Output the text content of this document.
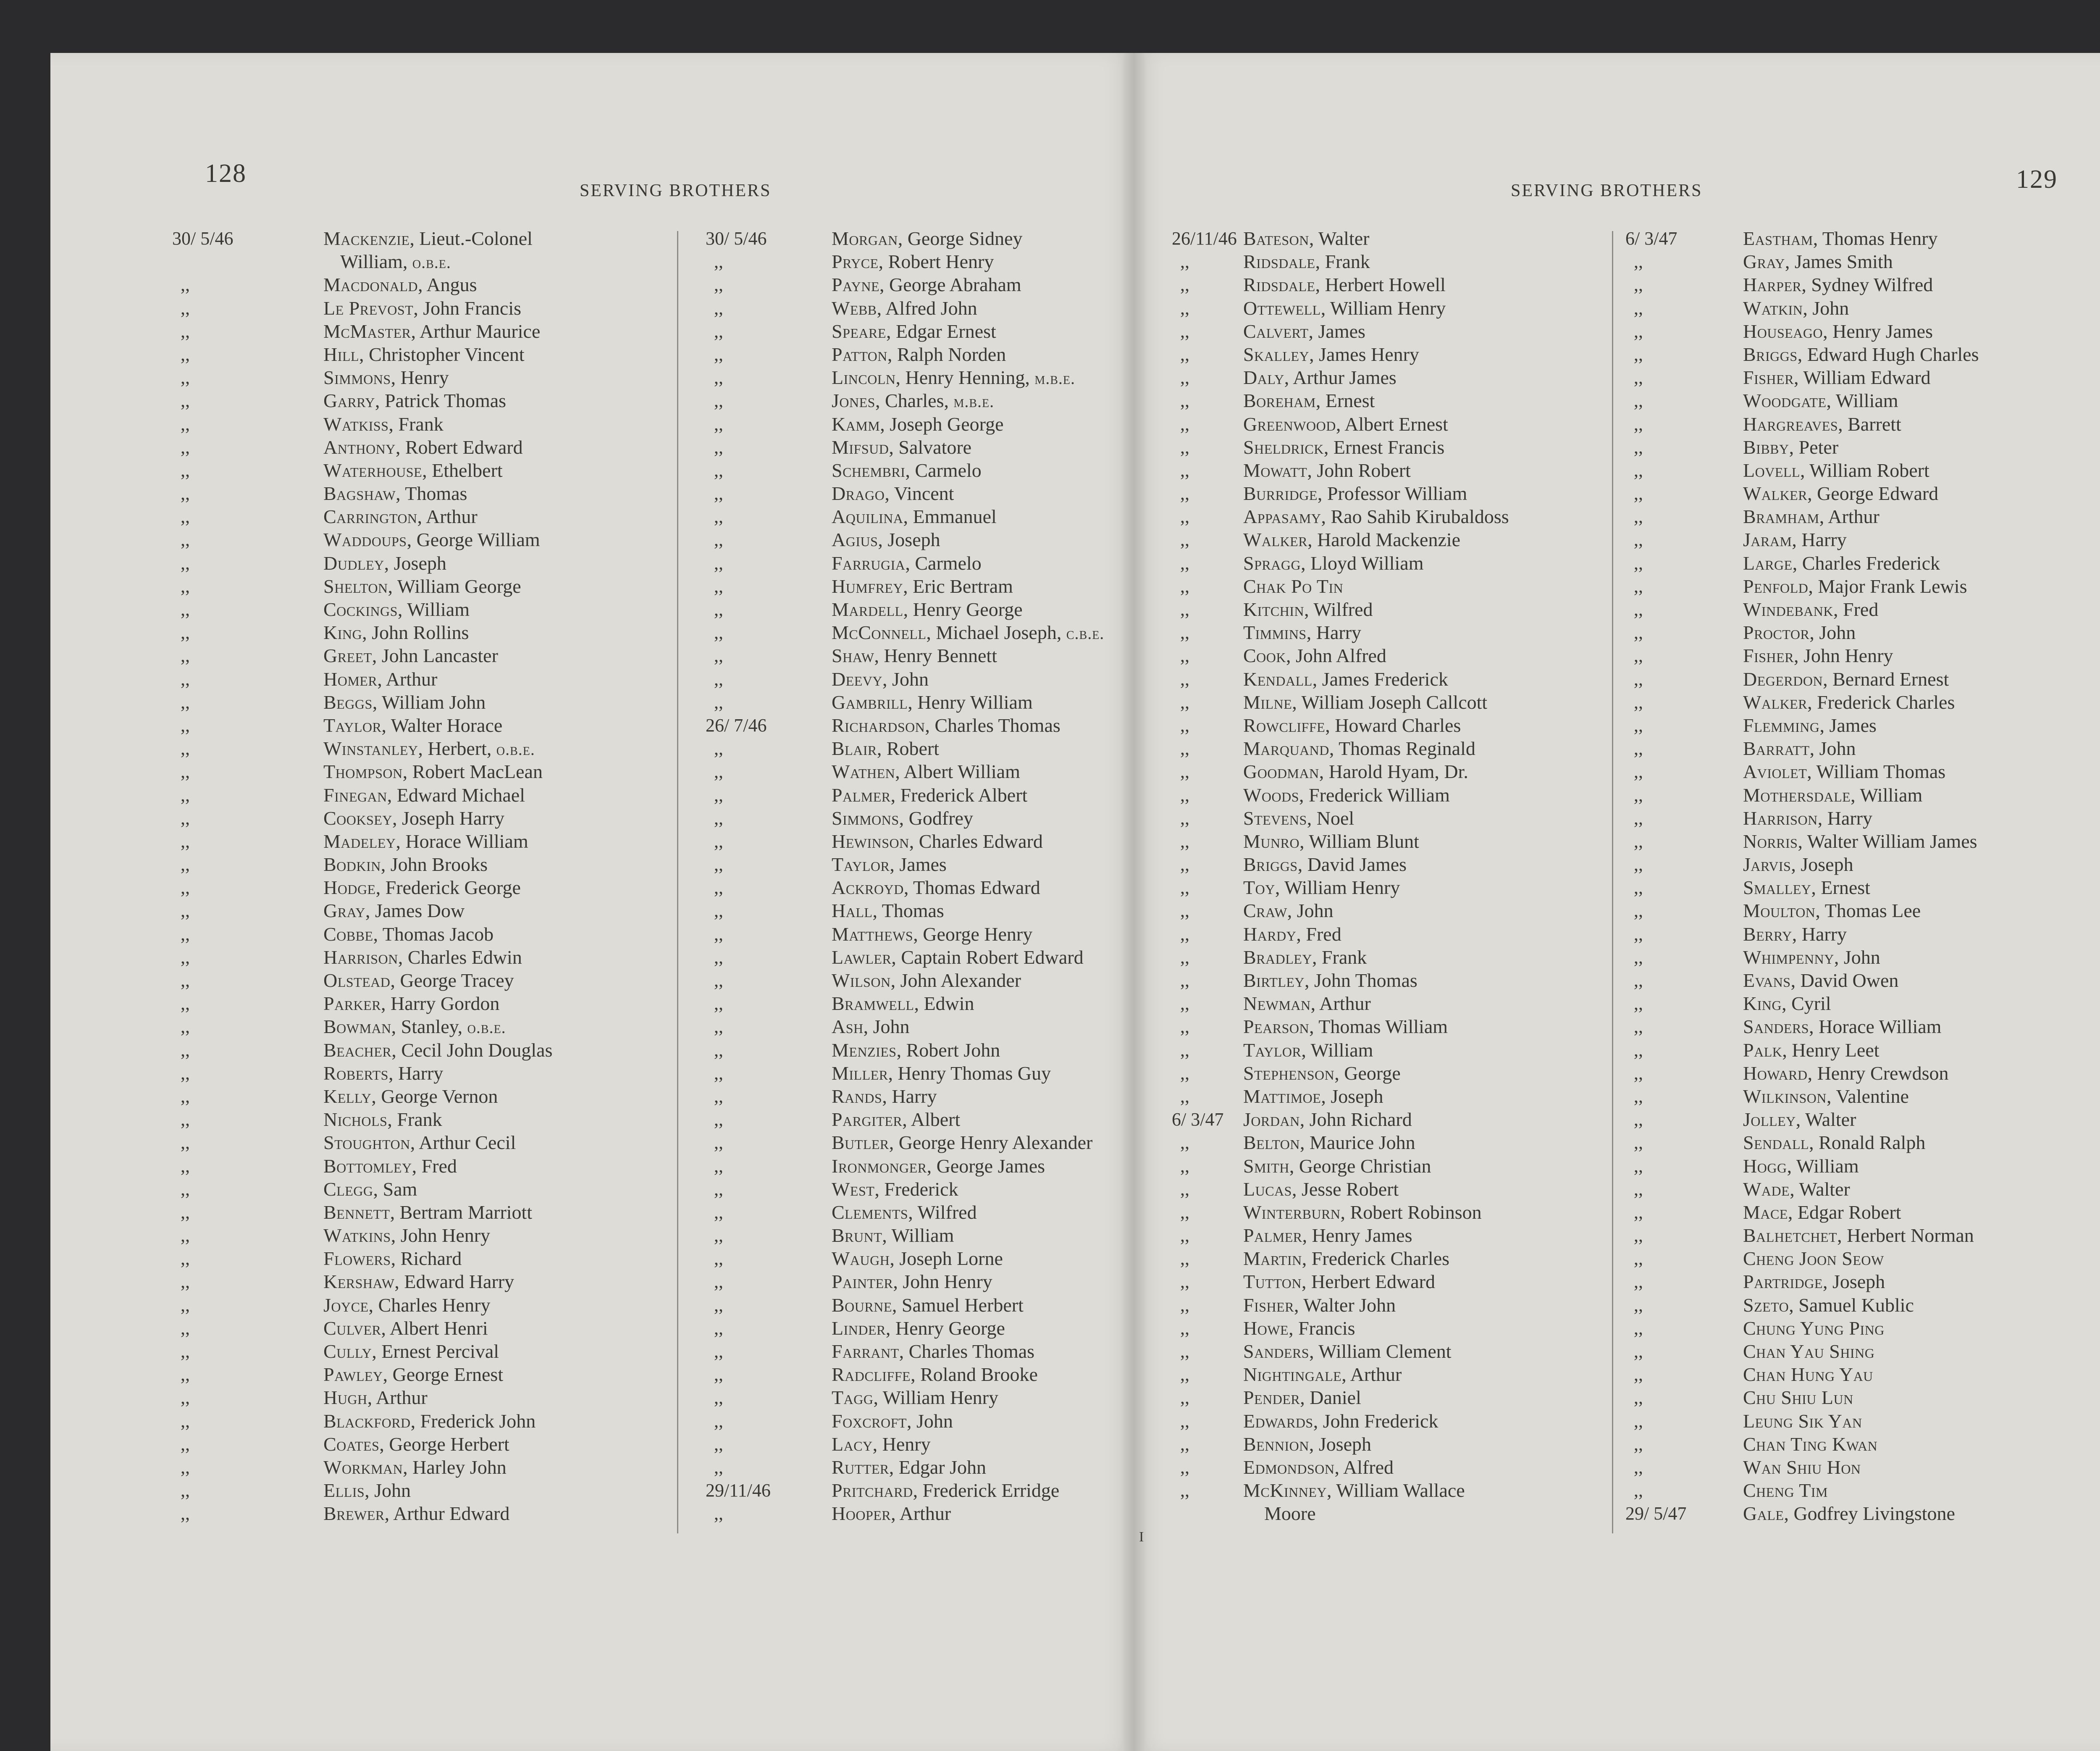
128
SERVING BROTHERS	129
SERVING BROTHERS
30/ 5/46	Mackenzie, Lieut.-Colonel
William, o.b.e.
,,	Macdonald, Angus
,,	Le Prevost, John Francis
,,	McMaster, Arthur Maurice
,,	Hill, Christopher Vincent
,,	Simmons, Henry
,,	Garry, Patrick Thomas
,,	Watkiss, Frank
,,	Anthony, Robert Edward
,,	Waterhouse, Ethelbert
,,	Bagshaw, Thomas
,,	Carrington, Arthur
,,	Waddoups, George William
,,	Dudley, Joseph
,,	Shelton, William George
,,	Cockings, William
,,	King, John Rollins
,,	Greet, John Lancaster
,,	Homer, Arthur
,,	Beggs, William John
,,	Taylor, Walter Horace
,,	Winstanley, Herbert, o.b.e.
,,	Thompson, Robert MacLean
,,	Finegan, Edward Michael
,,	Cooksey, Joseph Harry
,,	Madeley, Horace William
,,	Bodkin, John Brooks
,,	Hodge, Frederick George
,,	Gray, James Dow
,,	Cobbe, Thomas Jacob
,,	Harrison, Charles Edwin
,,	Olstead, George Tracey
,,	Parker, Harry Gordon
,,	Bowman, Stanley, o.b.e.
,,	Beacher, Cecil John Douglas
,,	Roberts, Harry
,,	Kelly, George Vernon
,,	Nichols, Frank
,,	Stoughton, Arthur Cecil
,,	Bottomley, Fred
,,	Clegg, Sam
,,	Bennett, Bertram Marriott
,,	Watkins, John Henry
,,	Flowers, Richard
,,	Kershaw, Edward Harry
,,	Joyce, Charles Henry
,,	Culver, Albert Henri
,,	Cully, Ernest Percival
,,	Pawley, George Ernest
,,	Hugh, Arthur
,,	Blackford, Frederick John
,,	Coates, George Herbert
,,	Workman, Harley John
,,	Ellis, John
,,	Brewer, Arthur Edward
30/ 5/46	Morgan, George Sidney
,,	Pryce, Robert Henry
,,	Payne, George Abraham
,,	Webb, Alfred John
,,	Speare, Edgar Ernest
,,	Patton, Ralph Norden
,,	Lincoln, Henry Henning, m.b.e.
,,	Jones, Charles, m.b.e.
,,	Kamm, Joseph George
,,	Mifsud, Salvatore
,,	Schembri, Carmelo
,,	Drago, Vincent
,,	Aquilina, Emmanuel
,,	Agius, Joseph
,,	Farrugia, Carmelo
,,	Humfrey, Eric Bertram
,,	Mardell, Henry George
,,	McConnell, Michael Joseph, c.b.e.
,,	Shaw, Henry Bennett
,,	Deevy, John
,,	Gambrill, Henry William
26/ 7/46	Richardson, Charles Thomas
,,	Blair, Robert
,,	Wathen, Albert William
,,	Palmer, Frederick Albert
,,	Simmons, Godfrey
,,	Hewinson, Charles Edward
,,	Taylor, James
,,	Ackroyd, Thomas Edward
,,	Hall, Thomas
,,	Matthews, George Henry
,,	Lawler, Captain Robert Edward
,,	Wilson, John Alexander
,,	Bramwell, Edwin
,,	Ash, John
,,	Menzies, Robert John
,,	Miller, Henry Thomas Guy
,,	Rands, Harry
,,	Pargiter, Albert
,,	Butler, George Henry Alexander
,,	Ironmonger, George James
,,	West, Frederick
,,	Clements, Wilfred
,,	Brunt, William
,,	Waugh, Joseph Lorne
,,	Painter, John Henry
,,	Bourne, Samuel Herbert
,,	Linder, Henry George
,,	Farrant, Charles Thomas
,,	Radcliffe, Roland Brooke
,,	Tagg, William Henry
,,	Foxcroft, John
,,	Lacy, Henry
,,	Rutter, Edgar John
29/11/46	Pritchard, Frederick Erridge
,,	Hooper, Arthur
26/11/46 Bateson, Walter
,,	Ridsdale, Frank
,,	Ridsdale, Herbert Howell
,,	Ottewell, William Henry
,,	Calvert, James
,,	Skalley, James Henry
,,	Daly, Arthur James
,,	Boreham, Ernest
,,	Greenwood, Albert Ernest
,,	Sheldrick, Ernest Francis
,,	Mowatt, John Robert
,,	Burridge, Professor William
,,	Appasamy, Rao Sahib Kirubaldoss
,,	Walker, Harold Mackenzie
,,	Spragg, Lloyd William
,,	Chak Po Tin
,,	Kitchin, Wilfred
,,	Timmins, Harry
,,	Cook, John Alfred
,,	Kendall, James Frederick
,,	Milne, William Joseph Callcott
,,	Rowcliffe, Howard Charles
,,	Marquand, Thomas Reginald
,,	Goodman, Harold Hyam, Dr.
,,	Woods, Frederick William
,,	Stevens, Noel
,,	Munro, William Blunt
,,	Briggs, David James
,,	Toy, William Henry
,,	Craw, John
,,	Hardy, Fred
,,	Bradley, Frank
,,	Birtley, John Thomas
,,	Newman, Arthur
,,	Pearson, Thomas William
,,	Taylor, William
,,	Stephenson, George
,,	Mattimoe, Joseph
6/ 3/47 Jordan, John Richard
,,	Belton, Maurice John
,,	Smith, George Christian
,,	Lucas, Jesse Robert
,,	Winterburn, Robert Robinson
,,	Palmer, Henry James
,,	Martin, Frederick Charles
,,	Tutton, Herbert Edward
,,	Fisher, Walter John
,,	Howe, Francis
,,	Sanders, William Clement
,,	Nightingale, Arthur
,,	Pender, Daniel
,,	Edwards, John Frederick
,,	Bennion, Joseph
,,	Edmondson, Alfred
,,	McKinney, William Wallace
Moore
6/ 3/47	Eastham, Thomas Henry
,,	Gray, James Smith
,,	Harper, Sydney Wilfred
,,	Watkin, John
,,	Houseago, Henry James
,,	Briggs, Edward Hugh Charles
,,	Fisher, William Edward
,,	Woodgate, William
,,	Hargreaves, Barrett
,,	Bibby, Peter
,,	Lovell, William Robert
,,	Walker, George Edward
,,	Bramham, Arthur
,,	Jaram, Harry
,,	Large, Charles Frederick
,,	Penfold, Major Frank Lewis
,,	Windebank, Fred
,,	Proctor, John
,,	Fisher, John Henry
,,	Degerdon, Bernard Ernest
,,	Walker, Frederick Charles
,,	Flemming, James
,,	Barratt, John
,,	Aviolet, William Thomas
,,	Mothersdale, William
,,	Harrison, Harry
,,	Norris, Walter William James
,,	Jarvis, Joseph
,,	Smalley, Ernest
,,	Moulton, Thomas Lee
,,	Berry, Harry
,,	Whimpenny, John
,,	Evans, David Owen
,,	King, Cyril
,,	Sanders, Horace William
,,	Palk, Henry Leet
,,	Howard, Henry Crewdson
,,	Wilkinson, Valentine
,,	Jolley, Walter
,,	Sendall, Ronald Ralph
,,	Hogg, William
,,	Wade, Walter
,,	Mace, Edgar Robert
,,	Balhetchet, Herbert Norman
,,	Cheng Joon Seow
,,	Partridge, Joseph
,,	Szeto, Samuel Kublic
,,	Chung Yung Ping
,,	Chan Yau Shing
,,	Chan Hung Yau
,,	Chu Shiu Lun
,,	Leung Sik Yan
,,	Chan Ting Kwan
,,	Wan Shiu Hon
,,	Cheng Tim
29/ 5/47	Gale, Godfrey Livingstone
I
